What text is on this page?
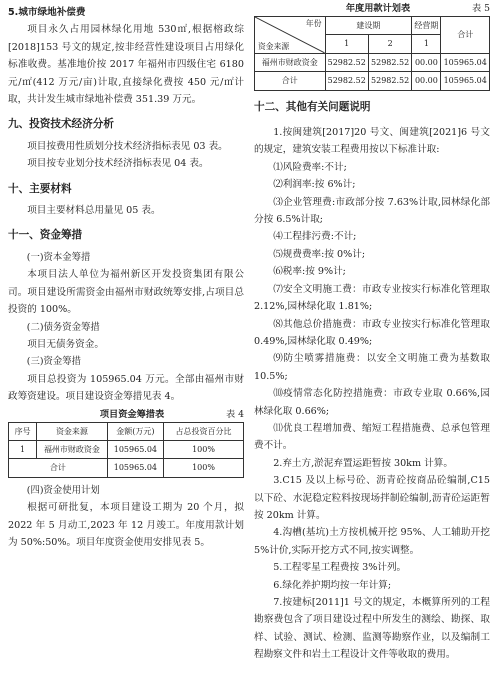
5.城市绿地补偿费

项目永久占用园林绿化用地 530㎡,根据榕政综[2018]153 号文的规定,按非经营性建设项目占用绿化标准收费。基准地价按 2017 年福州市四级住宅 6180 元/㎡(412 万元/亩)计取,直接绿化费按 450 元/㎡计取，共计发生城市绿地补偿费 351.39 万元。

九、投资技术经济分析

项目按费用性质划分技术经济指标表见 03 表。

项目按专业划分技术经济指标表见 04 表。

十、主要材料

项目主要材料总用量见 05 表。

十一、资金筹措
(一)资本金筹措

本项目法人单位为福州新区开发投资集团有限公司。项目建设所需资金由福州市财政统筹安排,占项目总投资的 100%。

(二)债务资金筹措

项目无债务资金。

(三)资金筹措

项目总投资为 105965.04 万元。全部由福州市财政筹资建设。项目建设资金筹措见表 4。

项目资金筹措表	表 4
序号	资金来源	金额(万元)	占总投资百分比
1	福州市财政资金	105965.04	100%
合计		105965.04	100%
(四)资金使用计划

根据可研批复，本项目建设工期为 20 个月，拟 2022 年 5 月动工,2023 年 12 月竣工。年度用款计划为 50%:50%。项目年度资金使用安排见表 5。

年度用款计划表	表 5
年份
资金来源	建设期		经营期	合计
	1	2	1	
福州市财政资金	52982.52	52982.52	00.00	105965.04
合计	52982.52	52982.52	00.00	105965.04
十二、其他有关问题说明

1.按闽建筑[2017]20 号文、闽建筑[2021]6 号文的规定，建筑安装工程费用按以下标准计取:

⑴风险费率:不计;

⑵利润率:按 6%计;

⑶企业管理费:市政部分按 7.63%计取,园林绿化部分按 6.5%计取;

⑷工程排污费:不计;

⑸规费费率:按 0%计;

⑹税率:按 9%计;

⑺安全文明施工费：市政专业按实行标准化管理取 2.12%,园林绿化取 1.81%;

⑻其他总价措施费：市政专业按实行标准化管理取 0.49%,园林绿化取 0.49%;

⑼防尘喷雾措施费：以安全文明施工费为基数取 10.5%;

⑽疫情常态化防控措施费：市政专业取 0.66%,园林绿化取 0.66%;

⑾优良工程增加费、缩短工程措施费、总承包管理费不计。

2.弃土方,淤泥弃置运距暂按 30km 计算。

3.C15 及以上标号砼、沥青砼按商品砼编制,C15 以下砼、水泥稳定粒料按现场拌制砼编制,沥青砼运距暂按 20km 计算。

4.沟槽(基坑)土方按机械开挖 95%、人工辅助开挖 5%计价,实际开挖方式不同,按实调整。

5.工程零星工程费按 3%计列。

6.绿化养护期均按一年计算;

7.按建标[2011]1 号文的规定，本概算所列的工程勘察费包含了项目建设过程中所发生的测绘、勘探、取样、试验、测试、检测、监测等勘察作业，以及编制工程勘察文件和岩土工程设计文件等收取的费用。
